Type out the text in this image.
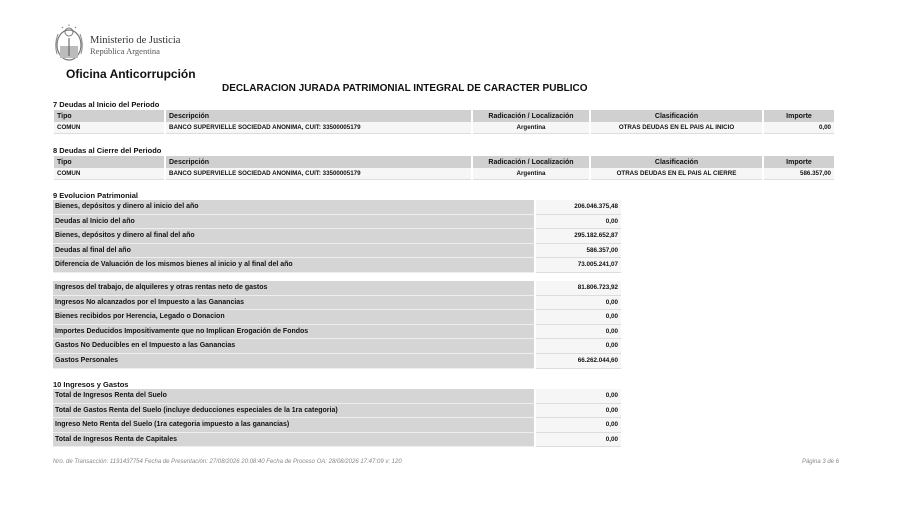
Ministerio de Justicia
República Argentina
Oficina Anticorrupción
DECLARACION JURADA PATRIMONIAL INTEGRAL DE CARACTER PUBLICO
7 Deudas al Inicio del Periodo
Tipo	Descripción	Radicación / Localización	Clasificación	Importe
COMUN	BANCO SUPERVIELLE SOCIEDAD ANONIMA, CUIT: 33500005179	Argentina	OTRAS DEUDAS EN EL PAIS AL INICIO	0,00
8 Deudas al Cierre del Periodo
Tipo	Descripción	Radicación / Localización	Clasificación	Importe
COMUN	BANCO SUPERVIELLE SOCIEDAD ANONIMA, CUIT: 33500005179	Argentina	OTRAS DEUDAS EN EL PAIS AL CIERRE	586.357,00
9 Evolucion Patrimonial
Bienes, depósitos y dinero al inicio del año	206.046.375,48
Deudas al Inicio del año	0,00
Bienes, depósitos y dinero al final del año	295.182.652,87
Deudas al final del año	586.357,00
Diferencia de Valuación de los mismos bienes al inicio y al final del año	73.005.241,07
Ingresos del trabajo, de alquileres y otras rentas neto de gastos	81.806.723,92
Ingresos No alcanzados por el Impuesto a las Ganancias	0,00
Bienes recibidos por Herencia, Legado o Donacion	0,00
Importes Deducidos Impositivamente que no Implican Erogación de Fondos	0,00
Gastos No Deducibles en el Impuesto a las Ganancias	0,00
Gastos Personales	66.262.044,60
10 Ingresos y Gastos
Total de Ingresos Renta del Suelo	0,00
Total de Gastos Renta del Suelo (incluye deducciones especiales de la 1ra categoria)	0,00
Ingreso Neto Renta del Suelo (1ra categoria impuesto a las ganancias)	0,00
Total de Ingresos Renta de Capitales	0,00
Nro. de Transacción: 1191437754 Fecha de Presentación: 27/08/2026 20:08:40 Fecha de Proceso OA: 28/08/2026 17:47:09 v: 120	Página 3 de 6
